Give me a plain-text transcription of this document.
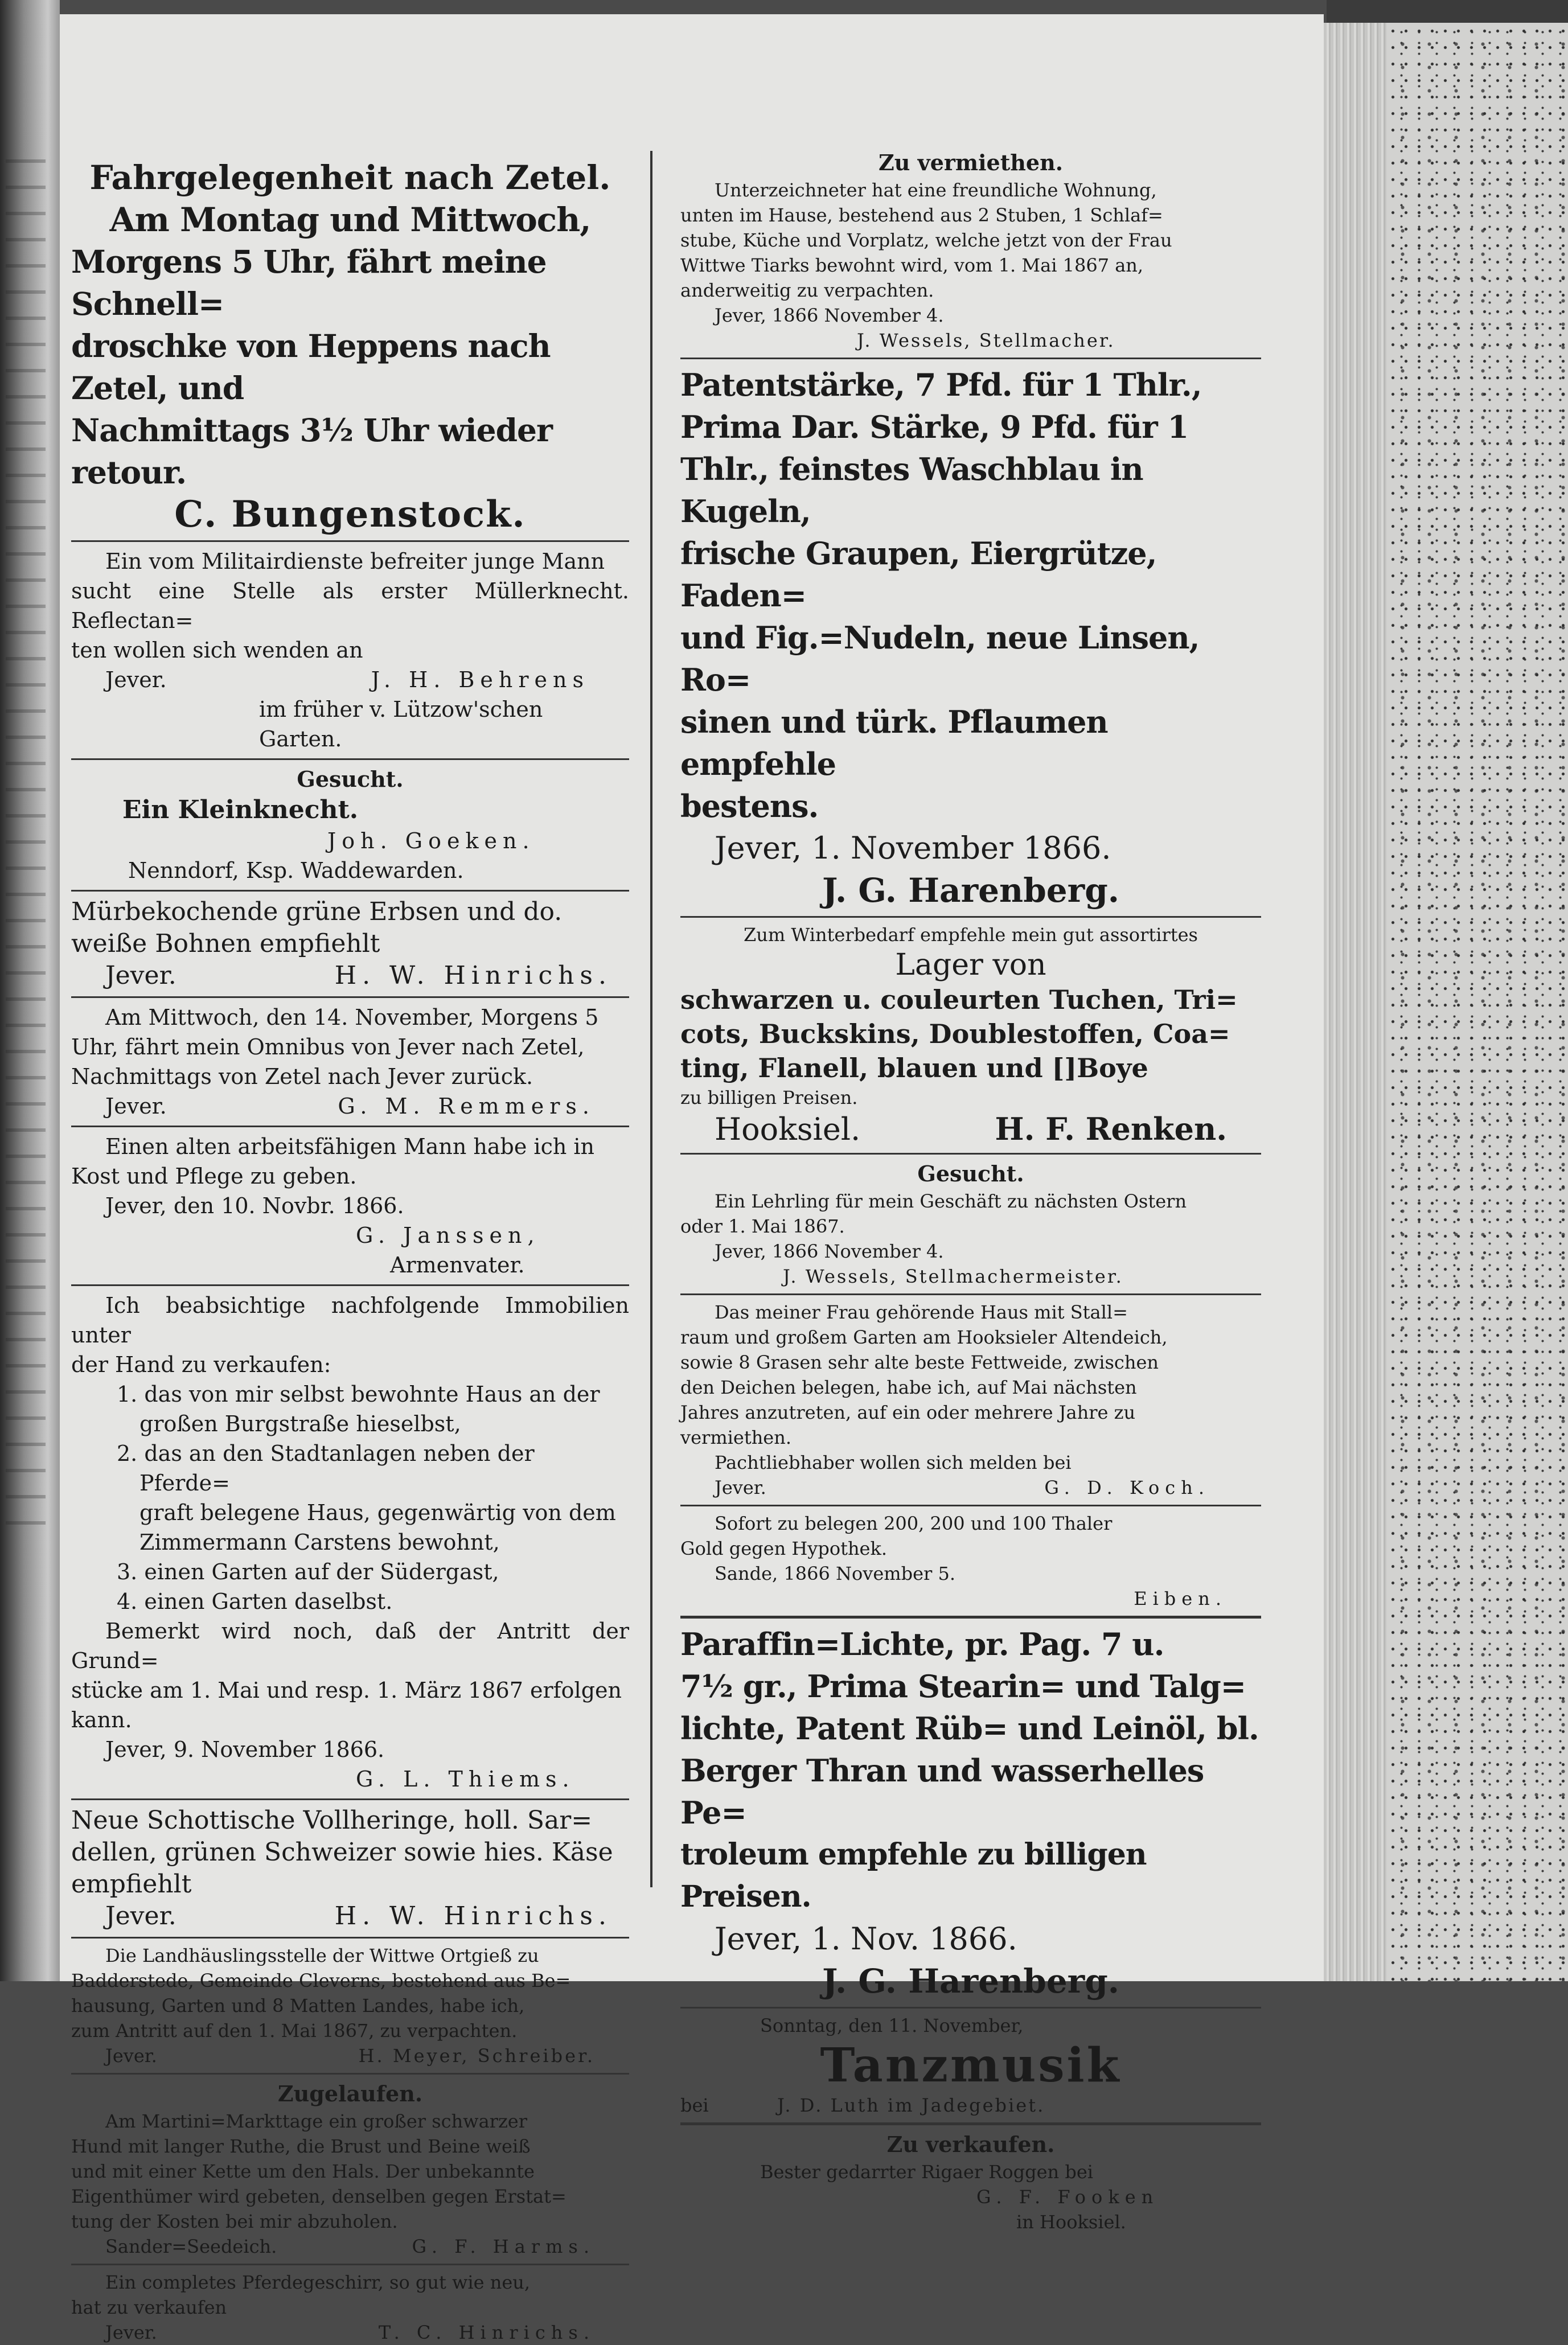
Fahrgelegenheit nach Zetel.

Am Montag und Mittwoch,

Morgens 5 Uhr, fährt meine Schnell=

droschke von Heppens nach Zetel, und

Nachmittags 3½ Uhr wieder retour.

C. Bungenstock.

Ein vom Militairdienste befreiter junge Mann

sucht eine Stelle als erster Müllerknecht. Reflectan=

ten wollen sich wenden an

Jever.	J. H. Behrens

im früher v. Lützow'schen Garten.

Gesucht.

Ein Kleinknecht.

Joh. Goeken.

Nenndorf, Ksp. Waddewarden.

Mürbekochende grüne Erbsen und do.

weiße Bohnen empfiehlt

Jever.	H. W. Hinrichs.

Am Mittwoch, den 14. November, Morgens 5

Uhr, fährt mein Omnibus von Jever nach Zetel,

Nachmittags von Zetel nach Jever zurück.

Jever.	G. M. Remmers.

Einen alten arbeitsfähigen Mann habe ich in

Kost und Pflege zu geben.

Jever, den 10. Novbr. 1866.

G. Janssen,

Armenvater.

Ich beabsichtige nachfolgende Immobilien unter

der Hand zu verkaufen:

1. das von mir selbst bewohnte Haus an der

großen Burgstraße hieselbst,

2. das an den Stadtanlagen neben der Pferde=

graft belegene Haus, gegenwärtig von dem

Zimmermann Carstens bewohnt,

3. einen Garten auf der Südergast,

4. einen Garten daselbst.

Bemerkt wird noch, daß der Antritt der Grund=

stücke am 1. Mai und resp. 1. März 1867 erfolgen

kann.

Jever, 9. November 1866.

G. L. Thiems.

Neue Schottische Vollheringe, holl. Sar=

dellen, grünen Schweizer sowie hies. Käse

empfiehlt

Jever.	H. W. Hinrichs.

Die Landhäuslingsstelle der Wittwe Ortgieß zu

Badderstede, Gemeinde Cleverns, bestehend aus Be=

hausung, Garten und 8 Matten Landes, habe ich,

zum Antritt auf den 1. Mai 1867, zu verpachten.

Jever.	H. Meyer, Schreiber.

Zugelaufen.

Am Martini=Markttage ein großer schwarzer

Hund mit langer Ruthe, die Brust und Beine weiß

und mit einer Kette um den Hals. Der unbekannte

Eigenthümer wird gebeten, denselben gegen Erstat=

tung der Kosten bei mir abzuholen.

Sander=Seedeich.	G. F. Harms.

Ein completes Pferdegeschirr, so gut wie neu,

hat zu verkaufen

Jever.	T. C. Hinrichs.

Zu vermiethen.

Unterzeichneter hat eine freundliche Wohnung,

unten im Hause, bestehend aus 2 Stuben, 1 Schlaf=

stube, Küche und Vorplatz, welche jetzt von der Frau

Wittwe Tiarks bewohnt wird, vom 1. Mai 1867 an,

anderweitig zu verpachten.

Jever, 1866 November 4.

J. Wessels, Stellmacher.

Patentstärke, 7 Pfd. für 1 Thlr.,

Prima Dar. Stärke, 9 Pfd. für 1

Thlr., feinstes Waschblau in Kugeln,

frische Graupen, Eiergrütze, Faden=

und Fig.=Nudeln, neue Linsen, Ro=

sinen und türk. Pflaumen empfehle

bestens.

Jever, 1. November 1866.

J. G. Harenberg.

Zum Winterbedarf empfehle mein gut assortirtes

Lager von

schwarzen u. couleurten Tuchen, Tri=

cots, Buckskins, Doublestoffen, Coa=

ting, Flanell, blauen und []Boye

zu billigen Preisen.

Hooksiel.	H. F. Renken.

Gesucht.

Ein Lehrling für mein Geschäft zu nächsten Ostern

oder 1. Mai 1867.

Jever, 1866 November 4.

J. Wessels, Stellmachermeister.

Das meiner Frau gehörende Haus mit Stall=

raum und großem Garten am Hooksieler Altendeich,

sowie 8 Grasen sehr alte beste Fettweide, zwischen

den Deichen belegen, habe ich, auf Mai nächsten

Jahres anzutreten, auf ein oder mehrere Jahre zu

vermiethen.

Pachtliebhaber wollen sich melden bei

Jever.	G. D. Koch.

Sofort zu belegen 200, 200 und 100 Thaler

Gold gegen Hypothek.

Sande, 1866 November 5.

Eiben.

Paraffin=Lichte, pr. Pag. 7 u.

7½ gr., Prima Stearin= und Talg=

lichte, Patent Rüb= und Leinöl, bl.

Berger Thran und wasserhelles Pe=

troleum empfehle zu billigen Preisen.

Jever, 1. Nov. 1866.

J. G. Harenberg.

Sonntag, den 11. November,

Tanzmusik

bei	J. D. Luth im Jadegebiet.

Zu verkaufen.

Bester gedarrter Rigaer Roggen bei

G. F. Fooken

in Hooksiel.
